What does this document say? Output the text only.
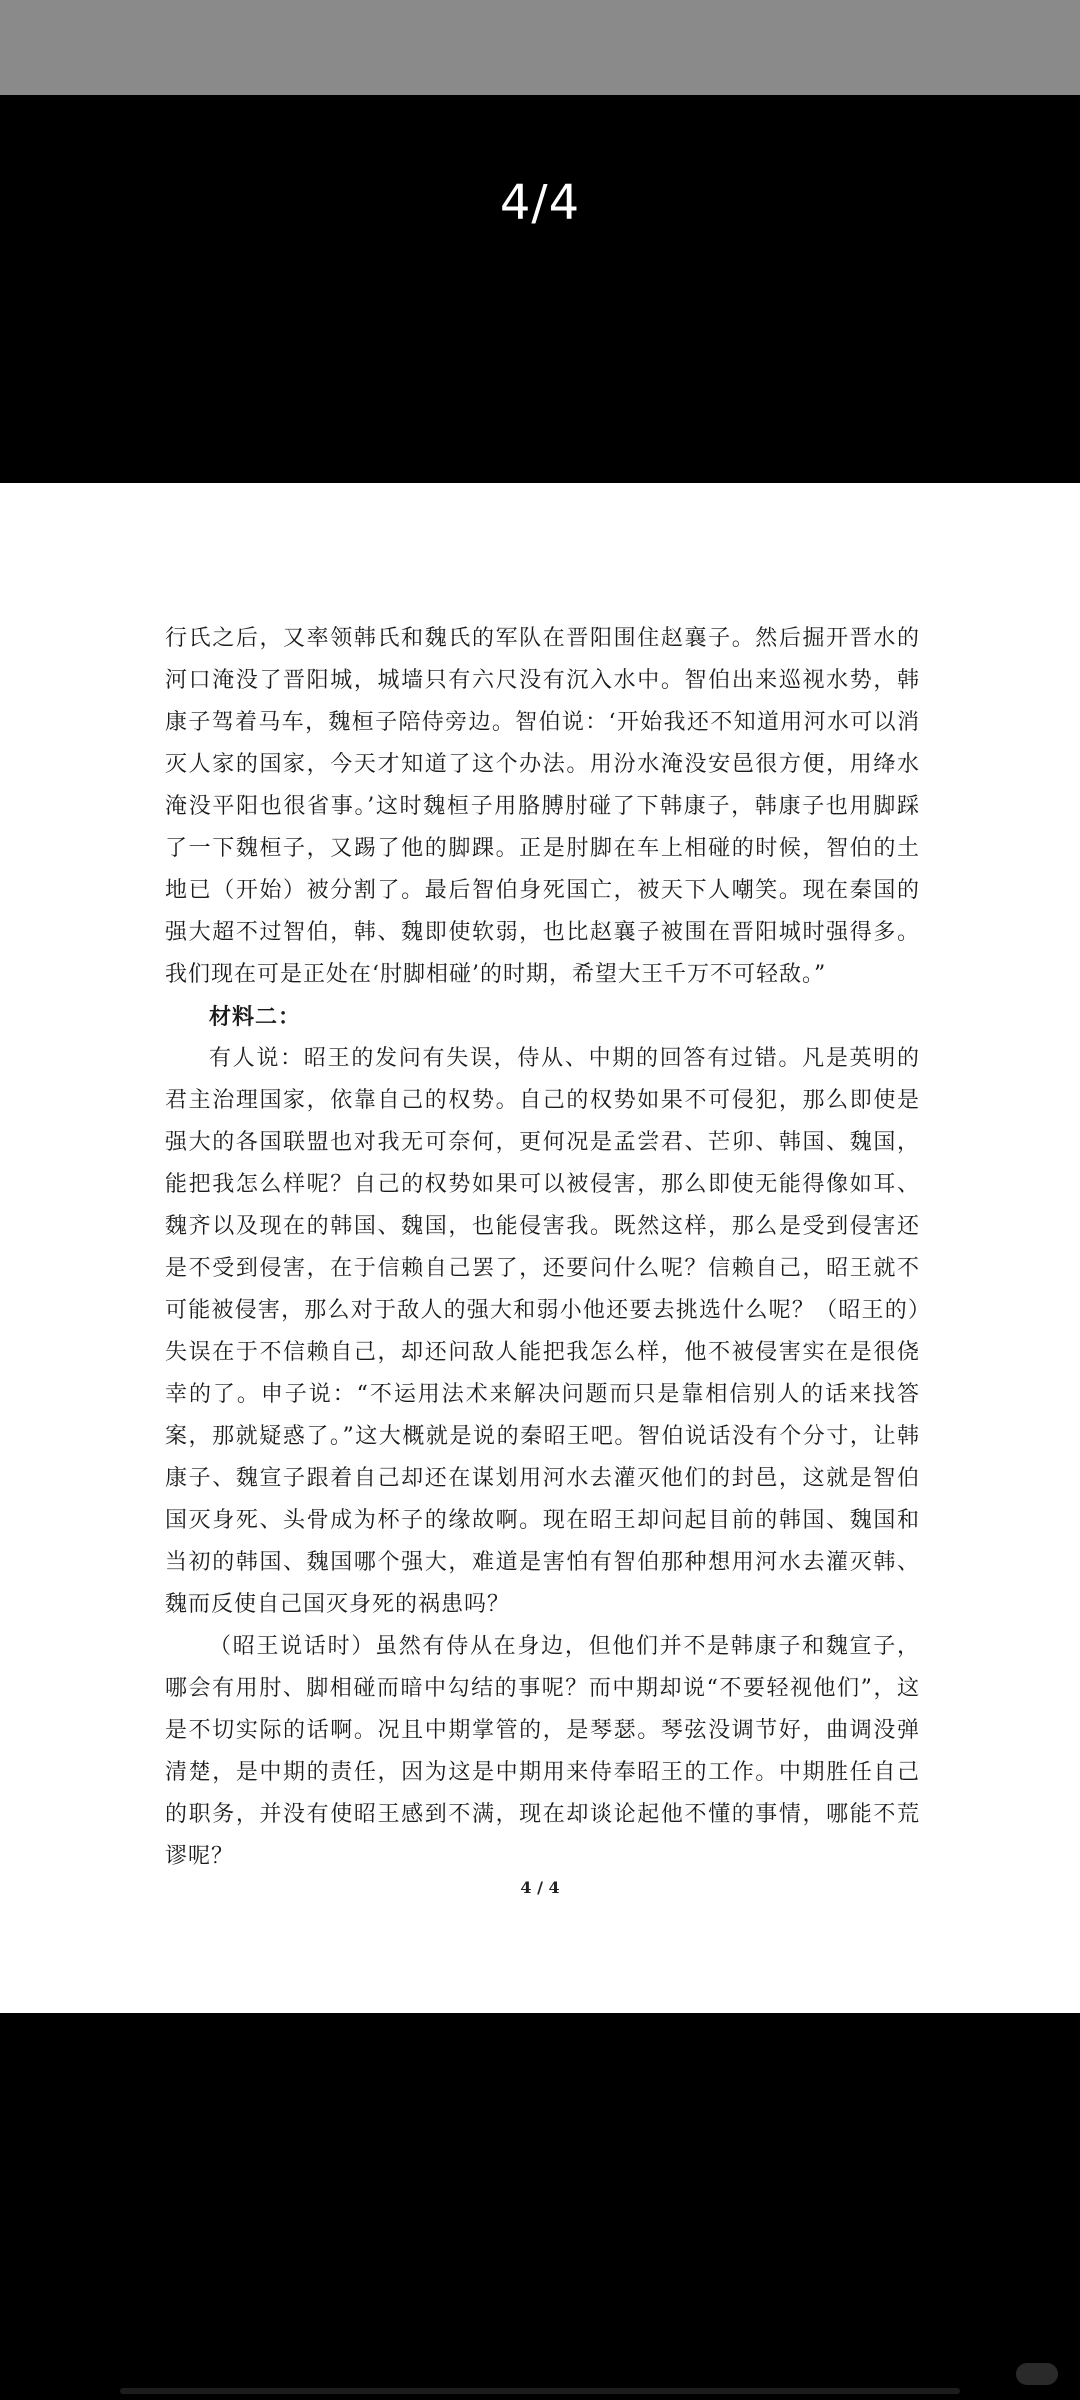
4/4

行氏之后，又率领韩氏和魏氏的军队在晋阳围住赵襄子。然后掘开晋水的河口淹没了晋阳城，城墙只有六尺没有沉入水中。智伯出来巡视水势，韩康子驾着马车，魏桓子陪侍旁边。智伯说：‘开始我还不知道用河水可以消灭人家的国家，今天才知道了这个办法。用汾水淹没安邑很方便，用绛水淹没平阳也很省事。’这时魏桓子用胳膊肘碰了下韩康子，韩康子也用脚踩了一下魏桓子，又踢了他的脚踝。正是肘脚在车上相碰的时候，智伯的土地已（开始）被分割了。最后智伯身死国亡，被天下人嘲笑。现在秦国的强大超不过智伯，韩、魏即使软弱，也比赵襄子被围在晋阳城时强得多。我们现在可是正处在‘肘脚相碰’的时期，希望大王千万不可轻敌。”

材料二：

有人说：昭王的发问有失误，侍从、中期的回答有过错。凡是英明的君主治理国家，依靠自己的权势。自己的权势如果不可侵犯，那么即使是强大的各国联盟也对我无可奈何，更何况是孟尝君、芒卯、韩国、魏国，能把我怎么样呢？自己的权势如果可以被侵害，那么即使无能得像如耳、魏齐以及现在的韩国、魏国，也能侵害我。既然这样，那么是受到侵害还是不受到侵害，在于信赖自己罢了，还要问什么呢？信赖自己，昭王就不可能被侵害，那么对于敌人的强大和弱小他还要去挑选什么呢？（昭王的）失误在于不信赖自己，却还问敌人能把我怎么样，他不被侵害实在是很侥幸的了。申子说：“不运用法术来解决问题而只是靠相信别人的话来找答案，那就疑惑了。”这大概就是说的秦昭王吧。智伯说话没有个分寸，让韩康子、魏宣子跟着自己却还在谋划用河水去灌灭他们的封邑，这就是智伯国灭身死、头骨成为杯子的缘故啊。现在昭王却问起目前的韩国、魏国和当初的韩国、魏国哪个强大，难道是害怕有智伯那种想用河水去灌灭韩、魏而反使自己国灭身死的祸患吗？

（昭王说话时）虽然有侍从在身边，但他们并不是韩康子和魏宣子，哪会有用肘、脚相碰而暗中勾结的事呢？而中期却说“不要轻视他们”，这是不切实际的话啊。况且中期掌管的，是琴瑟。琴弦没调节好，曲调没弹清楚，是中期的责任，因为这是中期用来侍奉昭王的工作。中期胜任自己的职务，并没有使昭王感到不满，现在却谈论起他不懂的事情，哪能不荒谬呢？

4 / 4
